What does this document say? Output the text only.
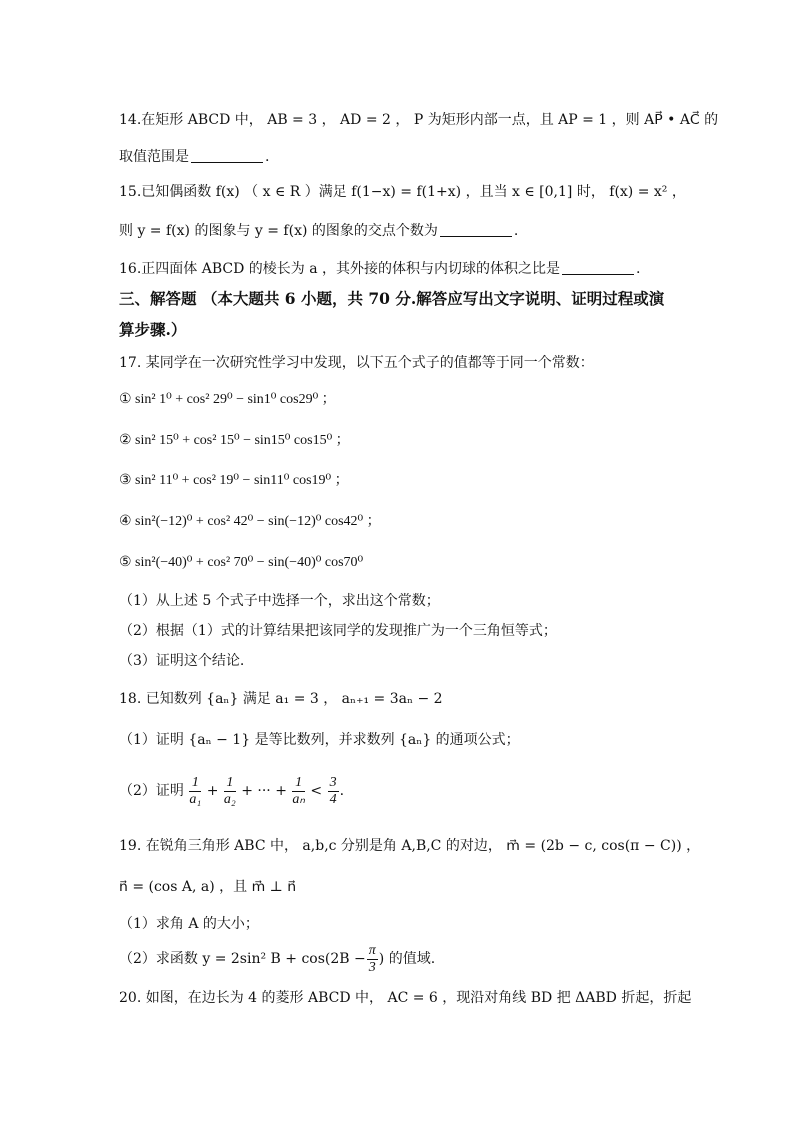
14.在矩形 ABCD 中， AB = 3 ， AD = 2 ， P 为矩形内部一点，且 AP = 1 ，则 AP⃗ • AC⃗ 的
取值范围是	.
15.已知偶函数 f(x) （ x ∈ R ）满足 f(1−x) = f(1+x) ，且当 x ∈ [0,1] 时， f(x) = x² ，
则 y = f(x) 的图象与 y = f(x) 的图象的交点个数为	.
16.正四面体 ABCD 的棱长为 a ，其外接的体积与内切球的体积之比是	.
三、解答题 （本大题共 6 小题，共 70 分.解答应写出文字说明、证明过程或演
算步骤.）
17. 某同学在一次研究性学习中发现，以下五个式子的值都等于同一个常数：
① sin² 1⁰ + cos² 29⁰ − sin1⁰ cos29⁰ ；
② sin² 15⁰ + cos² 15⁰ − sin15⁰ cos15⁰ ；
③ sin² 11⁰ + cos² 19⁰ − sin11⁰ cos19⁰ ；
④ sin²(−12)⁰ + cos² 42⁰ − sin(−12)⁰ cos42⁰ ；
⑤ sin²(−40)⁰ + cos² 70⁰ − sin(−40)⁰ cos70⁰
（1）从上述 5 个式子中选择一个，求出这个常数；
（2）根据（1）式的计算结果把该同学的发现推广为一个三角恒等式；
（3）证明这个结论.
18. 已知数列 {aₙ} 满足 a₁ = 3 ， aₙ₊₁ = 3aₙ − 2
（1）证明 {aₙ − 1} 是等比数列，并求数列 {aₙ} 的通项公式；
（2）证明 $\frac{1}{\text{a₁}} + \frac{1}{\text{a₂}}$ + ··· + $\frac{1}{\text{aₙ}} < \frac{3}{4}$ .
19. 在锐角三角形 ABC 中， a,b,c 分别是角 A,B,C 的对边， m⃗ = (2b − c, cos(π − C)) ，
n⃗ = (cos A, a) ，且 m⃗ ⊥ n⃗
（1）求角 A 的大小；
（2）求函数 y = 2sin² $B + \cos(2B - \frac{\pi}{3}$ ) 的值域.
20. 如图，在边长为 4 的菱形 ABCD 中， AC = 6 ，现沿对角线 BD 把 ΔABD 折起，折起
